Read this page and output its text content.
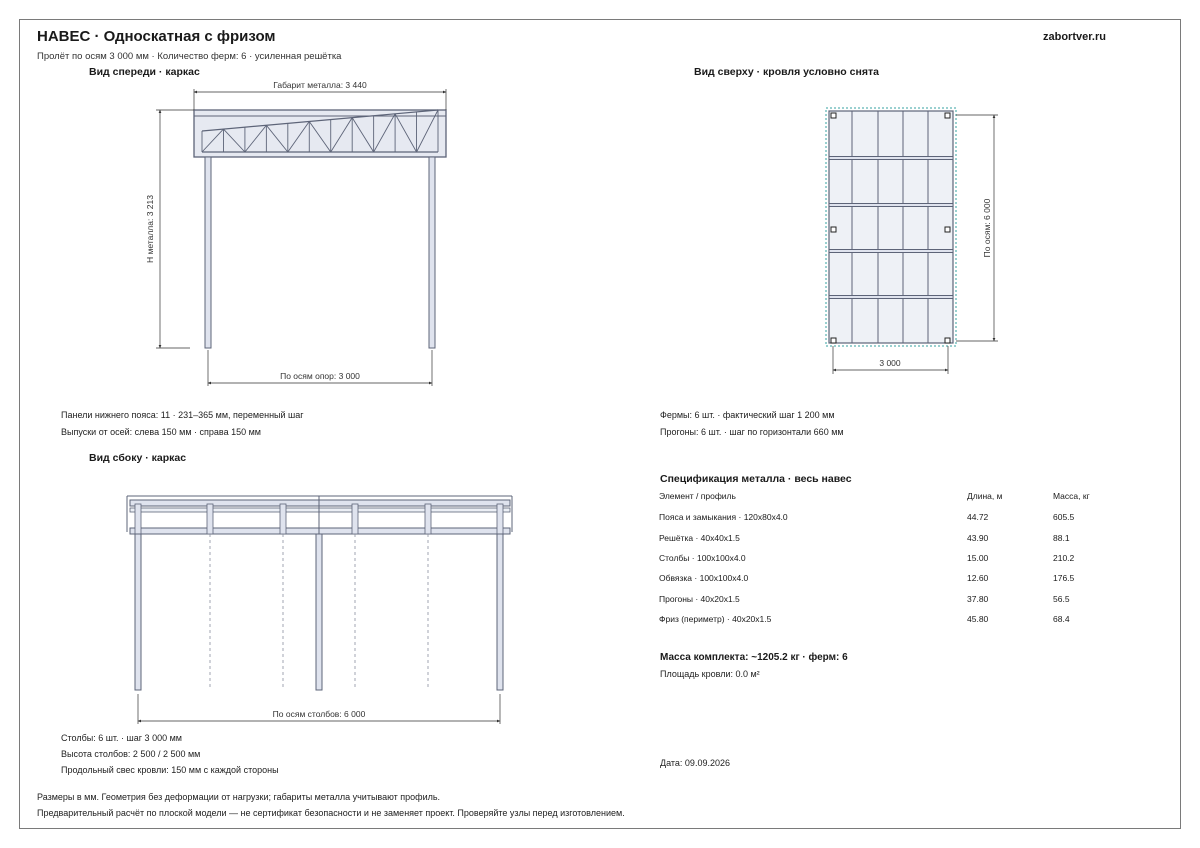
НАВЕС · Односкатная с фризом
Пролёт по осям 3 000 мм · Количество ферм: 6 · усиленная решётка
zabortver.ru
Вид спереди · каркас	Вид сверху · кровля условно снята
Вид сбоку · каркас
Габарит металла: 3 440
Н металла: 3 213
По осям опор: 3 000
По осям: 6 000
3 000
По осям столбов: 6 000
Панели нижнего пояса: 11 · 231–365 мм, переменный шаг
Выпуски от осей: слева 150 мм · справа 150 мм
Фермы: 6 шт. · фактический шаг 1 200 мм
Прогоны: 6 шт. · шаг по горизонтали 660 мм
Столбы: 6 шт. · шаг 3 000 мм
Высота столбов: 2 500 / 2 500 мм
Продольный свес кровли: 150 мм с каждой стороны
Спецификация металла · весь навес
Элемент / профиль	Длина, м	Масса, кг
Пояса и замыкания · 120x80x4.0	44.72	605.5
Решётка · 40x40x1.5	43.90	88.1
Столбы · 100x100x4.0	15.00	210.2
Обвязка · 100x100x4.0	12.60	176.5
Прогоны · 40x20x1.5	37.80	56.5
Фриз (периметр) · 40x20x1.5	45.80	68.4
Масса комплекта: ~1205.2 кг · ферм: 6
Площадь кровли: 0.0 м²
Дата: 09.09.2026
Размеры в мм. Геометрия без деформации от нагрузки; габариты металла учитывают профиль.
Предварительный расчёт по плоской модели — не сертификат безопасности и не заменяет проект. Проверяйте узлы перед изготовлением.
